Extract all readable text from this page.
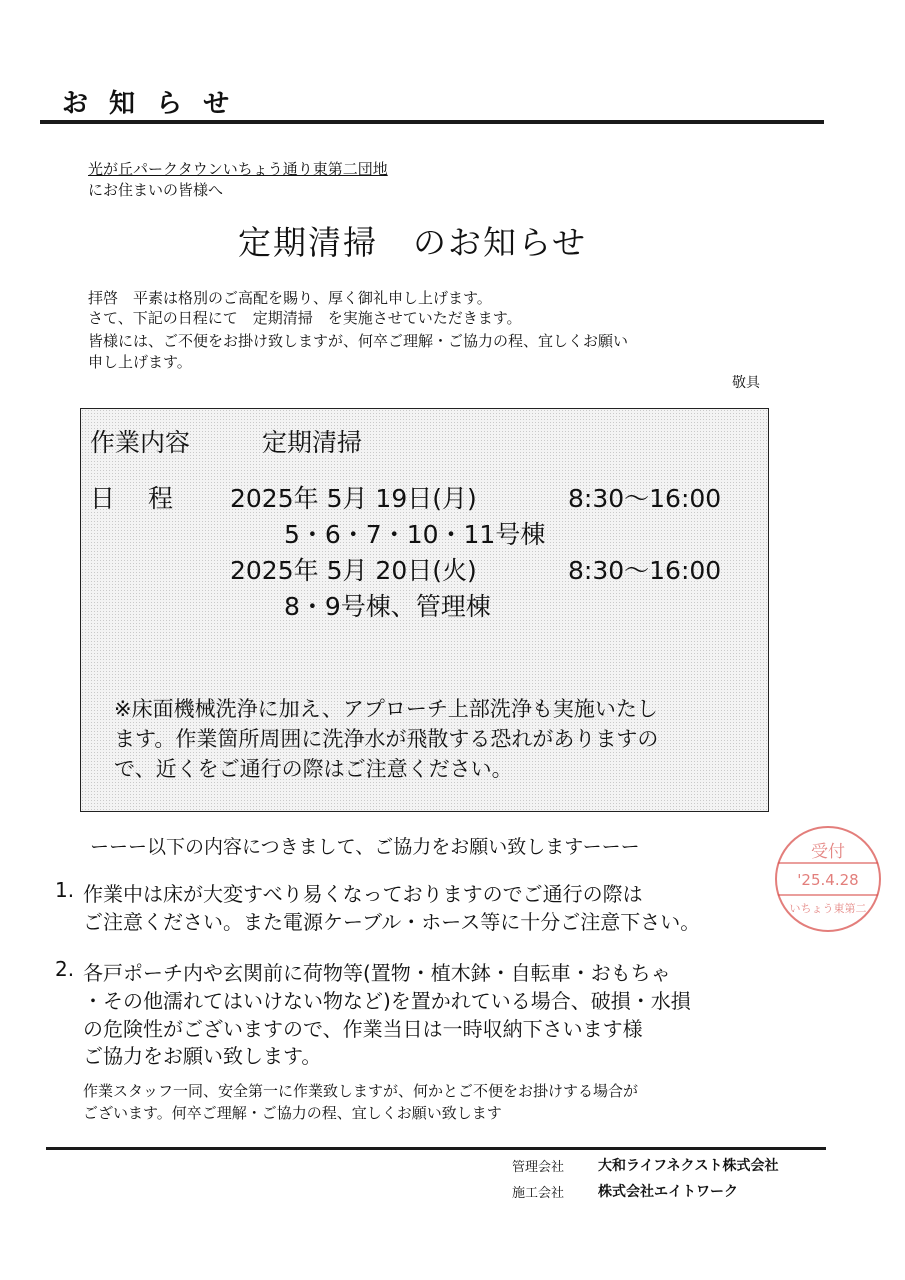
お 知 ら せ
光が丘パークタウンいちょう通り東第二団地
にお住まいの皆様へ
定期清掃　のお知らせ
拝啓　平素は格別のご高配を賜り、厚く御礼申し上げます。
さて、下記の日程にて　定期清掃　を実施させていただきます。
皆様には、ご不便をお掛け致しますが、何卒ご理解・ご協力の程、宜しくお願い
申し上げます。
敬具
作業内容	定期清掃
日　 程 2025年 5月 19日(月)	8:30～16:00
5・6・7・10・11号棟
2025年 5月 20日(火)	8:30～16:00
8・9号棟、管理棟
※床面機械洗浄に加え、アプローチ上部洗浄も実施いたし
ます。作業箇所周囲に洗浄水が飛散する恐れがありますの
で、近くをご通行の際はご注意ください。
ーーー以下の内容につきまして、ご協力をお願い致しますーーー
1. 作業中は床が大変すべり易くなっておりますのでご通行の際は
ご注意ください。また電源ケーブル・ホース等に十分ご注意下さい。
2. 各戸ポーチ内や玄関前に荷物等(置物・植木鉢・自転車・おもちゃ
・その他濡れてはいけない物など)を置かれている場合、破損・水損
の危険性がございますので、作業当日は一時収納下さいます様
ご協力をお願い致します。
作業スタッフ一同、安全第一に作業致しますが、何かとご不便をお掛けする場合が
ございます。何卒ご理解・ご協力の程、宜しくお願い致します
管理会社 大和ライフネクスト株式会社
施工会社 株式会社エイトワーク
受付
'25.4.28
いちょう東第二
